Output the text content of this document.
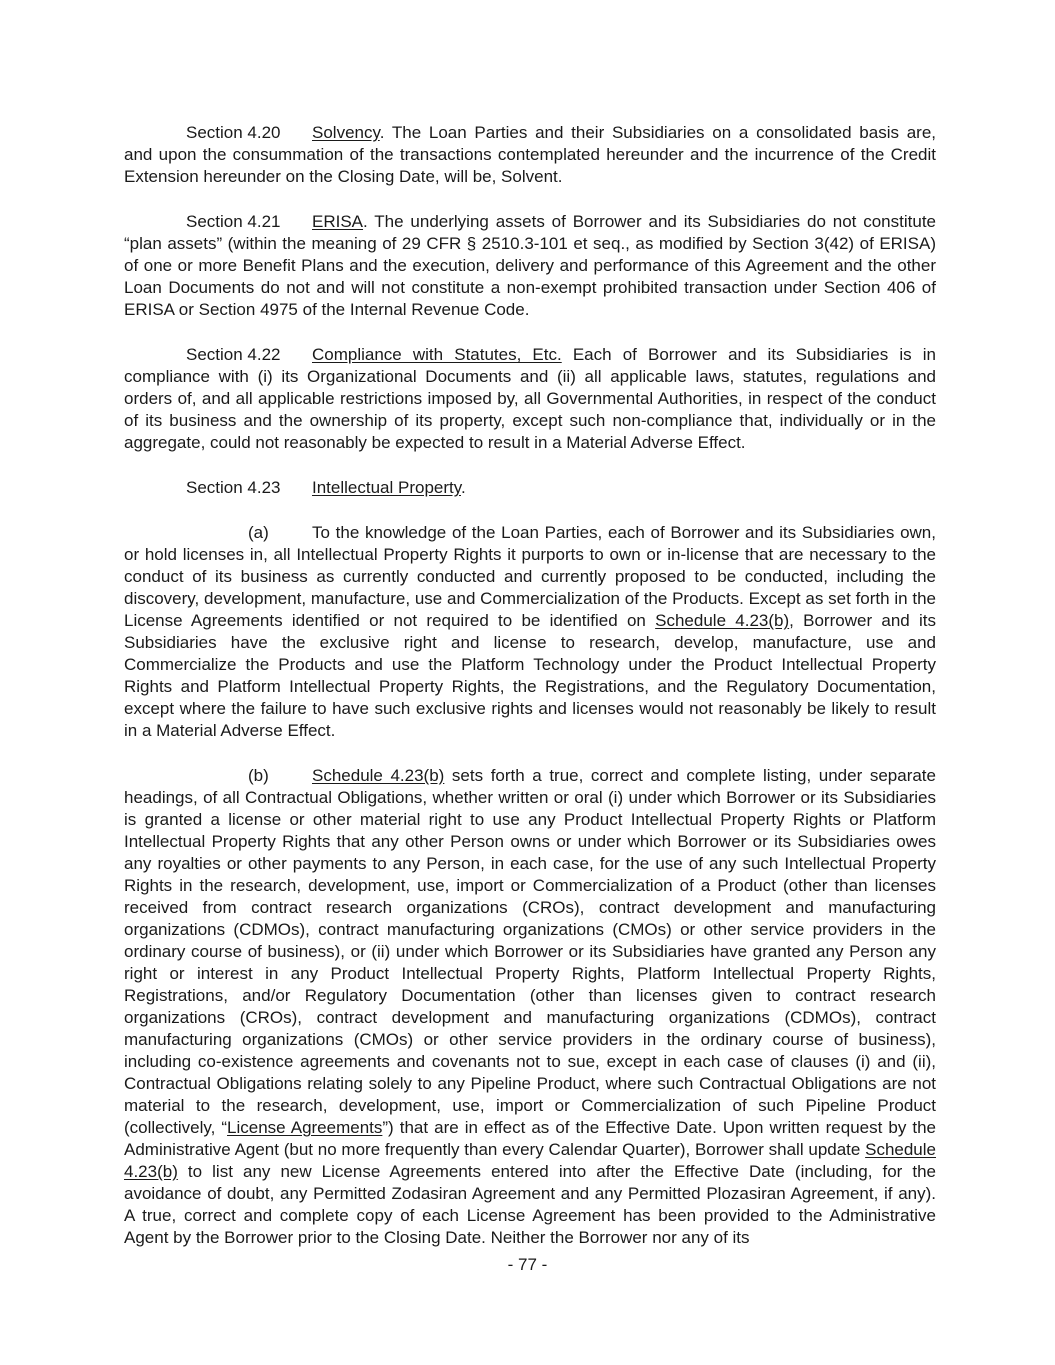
Section 4.20 Solvency. The Loan Parties and their Subsidiaries on a consolidated basis are, and upon the consummation of the transactions contemplated hereunder and the incurrence of the Credit Extension hereunder on the Closing Date, will be, Solvent.

Section 4.21 ERISA. The underlying assets of Borrower and its Subsidiaries do not constitute “plan assets” (within the meaning of 29 CFR § 2510.3-101 et seq., as modified by Section 3(42) of ERISA) of one or more Benefit Plans and the execution, delivery and performance of this Agreement and the other Loan Documents do not and will not constitute a non-exempt prohibited transaction under Section 406 of ERISA or Section 4975 of the Internal Revenue Code.

Section 4.22 Compliance with Statutes, Etc. Each of Borrower and its Subsidiaries is in compliance with (i) its Organizational Documents and (ii) all applicable laws, statutes, regulations and orders of, and all applicable restrictions imposed by, all Governmental Authorities, in respect of the conduct of its business and the ownership of its property, except such non-compliance that, individually or in the aggregate, could not reasonably be expected to result in a Material Adverse Effect.

Section 4.23 Intellectual Property.

(a)	To the knowledge of the Loan Parties, each of Borrower and its Subsidiaries own, or hold licenses in, all Intellectual Property Rights it purports to own or in-license that are necessary to the conduct of its business as currently conducted and currently proposed to be conducted, including the discovery, development, manufacture, use and Commercialization of the Products. Except as set forth in the License Agreements identified or not required to be identified on Schedule 4.23(b), Borrower and its Subsidiaries have the exclusive right and license to research, develop, manufacture, use and Commercialize the Products and use the Platform Technology under the Product Intellectual Property Rights and Platform Intellectual Property Rights, the Registrations, and the Regulatory Documentation, except where the failure to have such exclusive rights and licenses would not reasonably be likely to result in a Material Adverse Effect.

(b)	Schedule 4.23(b) sets forth a true, correct and complete listing, under separate headings, of all Contractual Obligations, whether written or oral (i) under which Borrower or its Subsidiaries is granted a license or other material right to use any Product Intellectual Property Rights or Platform Intellectual Property Rights that any other Person owns or under which Borrower or its Subsidiaries owes any royalties or other payments to any Person, in each case, for the use of any such Intellectual Property Rights in the research, development, use, import or Commercialization of a Product (other than licenses received from contract research organizations (CROs), contract development and manufacturing organizations (CDMOs), contract manufacturing organizations (CMOs) or other service providers in the ordinary course of business), or (ii) under which Borrower or its Subsidiaries have granted any Person any right or interest in any Product Intellectual Property Rights, Platform Intellectual Property Rights, Registrations, and/or Regulatory Documentation (other than licenses given to contract research organizations (CROs), contract development and manufacturing organizations (CDMOs), contract manufacturing organizations (CMOs) or other service providers in the ordinary course of business), including co-existence agreements and covenants not to sue, except in each case of clauses (i) and (ii), Contractual Obligations relating solely to any Pipeline Product, where such Contractual Obligations are not material to the research, development, use, import or Commercialization of such Pipeline Product (collectively, “License Agreements”) that are in effect as of the Effective Date. Upon written request by the Administrative Agent (but no more frequently than every Calendar Quarter), Borrower shall update Schedule 4.23(b) to list any new License Agreements entered into after the Effective Date (including, for the avoidance of doubt, any Permitted Zodasiran Agreement and any Permitted Plozasiran Agreement, if any). A true, correct and complete copy of each License Agreement has been provided to the Administrative Agent by the Borrower prior to the Closing Date. Neither the Borrower nor any of its

- 77 -
